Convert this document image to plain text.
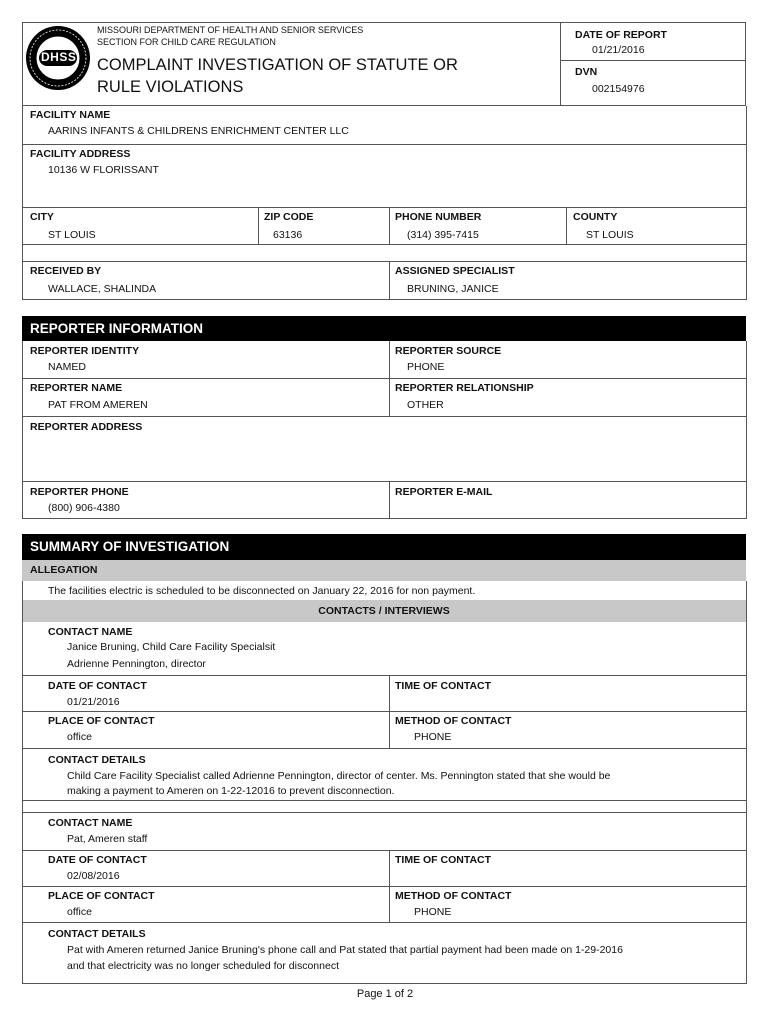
DHSS
MISSOURI DEPARTMENT OF HEALTH AND SENIOR SERVICES
SECTION FOR CHILD CARE REGULATION
COMPLAINT INVESTIGATION OF STATUTE OR
RULE VIOLATIONS
DATE OF REPORT
01/21/2016
DVN
002154976
FACILITY NAME
AARINS INFANTS & CHILDRENS ENRICHMENT CENTER LLC
FACILITY ADDRESS
10136 W FLORISSANT
CITY
ST LOUIS
ZIP CODE
63136
PHONE NUMBER
(314) 395-7415
COUNTY
ST LOUIS
RECEIVED BY
WALLACE, SHALINDA
ASSIGNED SPECIALIST
BRUNING, JANICE
REPORTER INFORMATION
REPORTER IDENTITY
NAMED
REPORTER SOURCE
PHONE
REPORTER NAME
PAT FROM AMEREN
REPORTER RELATIONSHIP
OTHER
REPORTER ADDRESS
REPORTER PHONE
(800) 906-4380
REPORTER E-MAIL
SUMMARY OF INVESTIGATION
ALLEGATION
The facilities electric is scheduled to be disconnected on January 22, 2016 for non payment.
CONTACTS / INTERVIEWS
CONTACT NAME
Janice Bruning, Child Care Facility Specialsit
Adrienne Pennington, director
DATE OF CONTACT
01/21/2016
TIME OF CONTACT
PLACE OF CONTACT
office
METHOD OF CONTACT
PHONE
CONTACT DETAILS
Child Care Facility Specialist called Adrienne Pennington, director of center. Ms. Pennington stated that she would be
making a payment to Ameren on 1-22-12016 to prevent disconnection.
CONTACT NAME
Pat, Ameren staff
DATE OF CONTACT
02/08/2016
TIME OF CONTACT
PLACE OF CONTACT
office
METHOD OF CONTACT
PHONE
CONTACT DETAILS
Pat with Ameren returned Janice Bruning's phone call and Pat stated that partial payment had been made on 1-29-2016
and that electricity was no longer scheduled for disconnect
Page 1 of 2
